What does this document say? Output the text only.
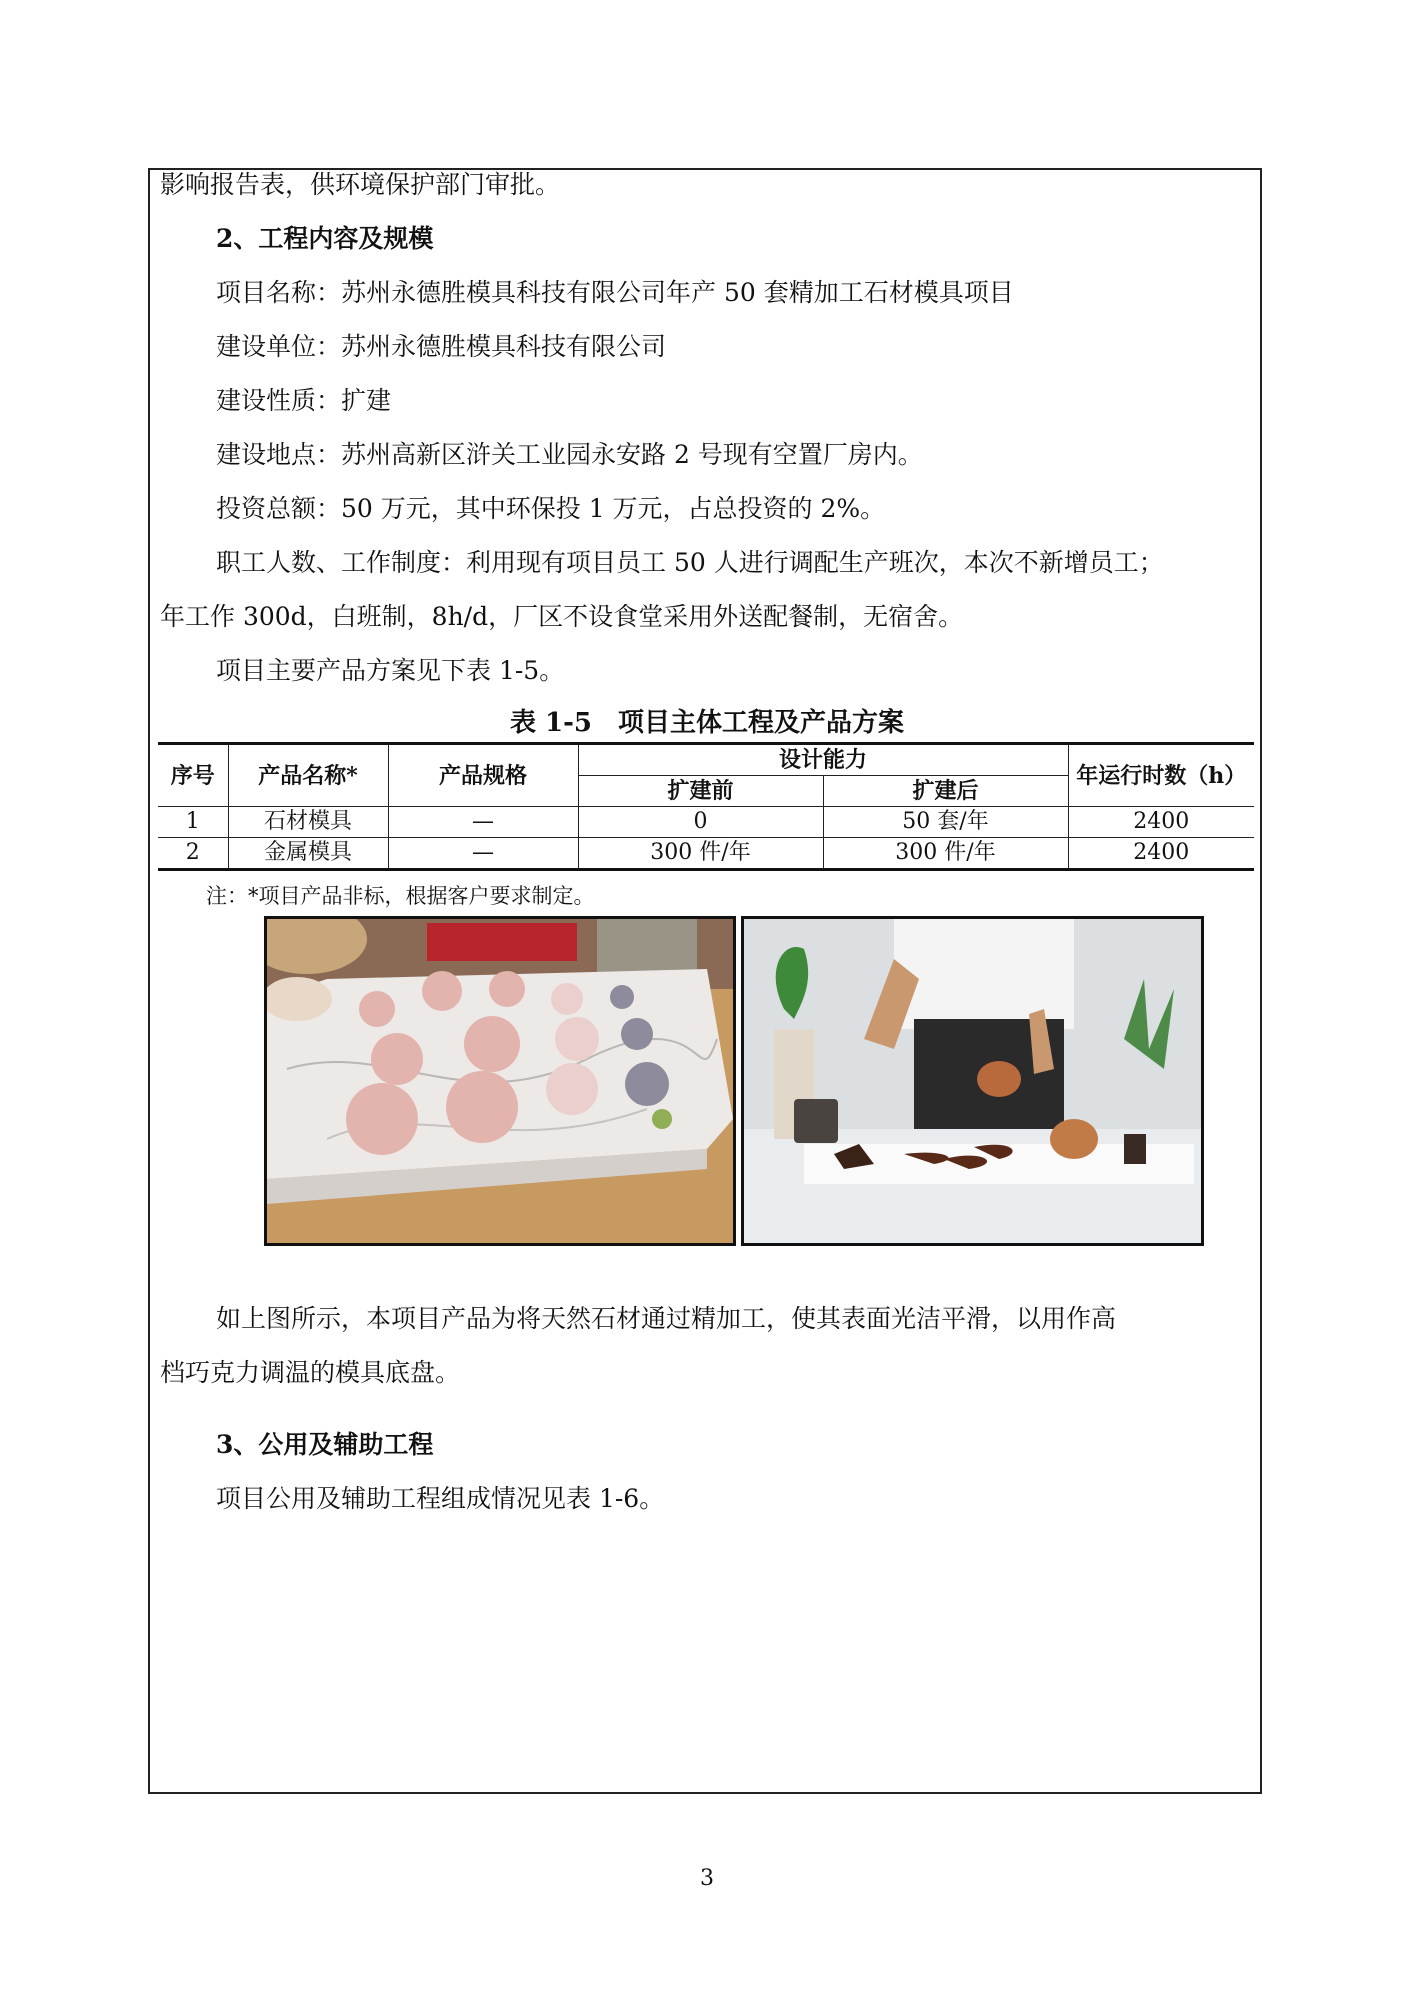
影响报告表，供环境保护部门审批。
2、工程内容及规模
项目名称：苏州永德胜模具科技有限公司年产 50 套精加工石材模具项目
建设单位：苏州永德胜模具科技有限公司
建设性质：扩建
建设地点：苏州高新区浒关工业园永安路 2 号现有空置厂房内。
投资总额：50 万元，其中环保投 1 万元，占总投资的 2%。
职工人数、工作制度：利用现有项目员工 50 人进行调配生产班次，本次不新增员工；
年工作 300d，白班制，8h/d，厂区不设食堂采用外送配餐制，无宿舍。
项目主要产品方案见下表 1-5。
表 1-5　项目主体工程及产品方案
序号	产品名称*	产品规格	设计能力		年运行时数（h）
			扩建前	扩建后	
1	石材模具	—	0	50 套/年	2400
2	金属模具	—	300 件/年	300 件/年	2400
注：*项目产品非标，根据客户要求制定。
如上图所示，本项目产品为将天然石材通过精加工，使其表面光洁平滑，以用作高
档巧克力调温的模具底盘。
3、公用及辅助工程
项目公用及辅助工程组成情况见表 1-6。
3
